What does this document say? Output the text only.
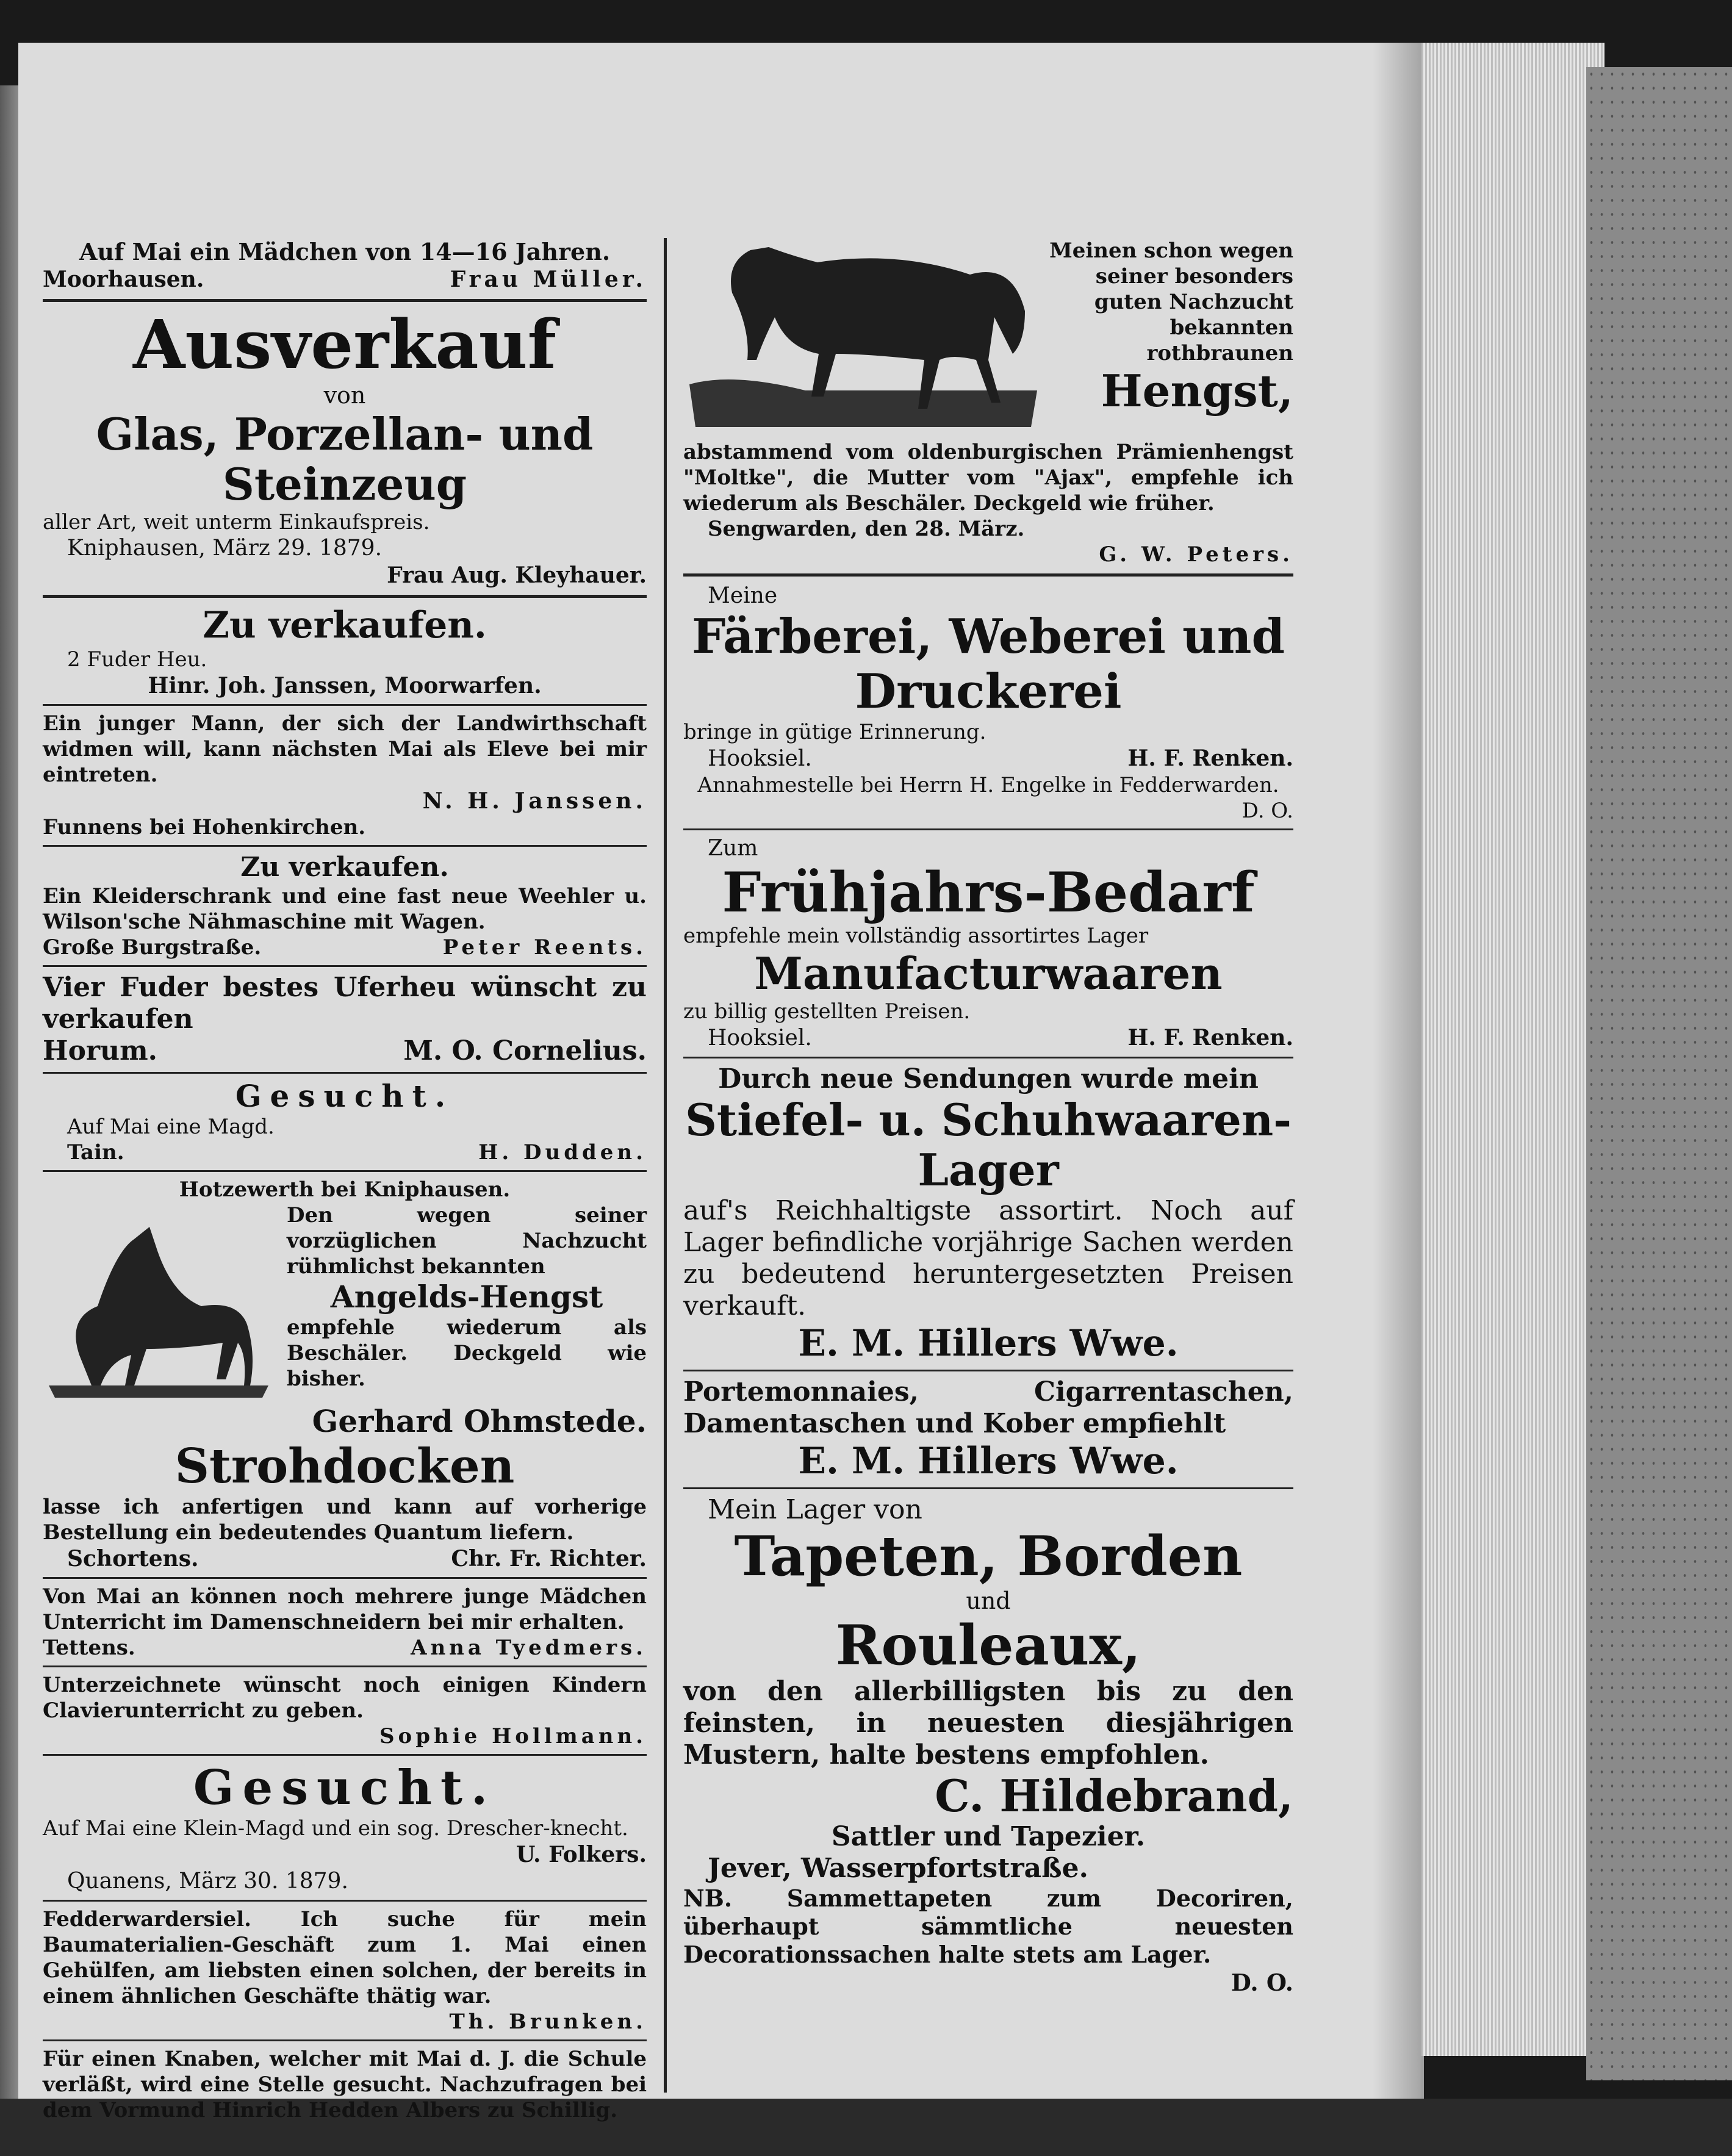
Auf Mai ein Mädchen von 14—16 Jahren.
Moorhausen.	Frau Müller.
Ausverkauf
von
Glas, Porzellan- und Steinzeug
aller Art, weit unterm Einkaufspreis.
Kniphausen, März 29. 1879.
Frau Aug. Kleyhauer.
Zu verkaufen.
2 Fuder Heu.
Hinr. Joh. Janssen, Moorwarfen.
Ein junger Mann, der sich der Landwirthschaft widmen will, kann nächsten Mai als Eleve bei mir eintreten.
N. H. Janssen.
Funnens bei Hohenkirchen.
Zu verkaufen.
Ein Kleiderschrank und eine fast neue Weehler u. Wilson'sche Nähmaschine mit Wagen.
Große Burgstraße.	Peter Reents.
Vier Fuder bestes Uferheu wünscht zu verkaufen
Horum.	M. O. Cornelius.
Gesucht.
Auf Mai eine Magd.
Tain.	H. Dudden.
Hotzewerth bei Kniphausen.
Den wegen seiner vorzüglichen Nachzucht rühmlichst bekannten
Angelds-Hengst
empfehle wiederum als Beschäler. Deckgeld wie bisher.
Gerhard Ohmstede.
Strohdocken
lasse ich anfertigen und kann auf vorherige Bestellung ein bedeutendes Quantum liefern.
Schortens.	Chr. Fr. Richter.
Von Mai an können noch mehrere junge Mädchen Unterricht im Damenschneidern bei mir erhalten.
Tettens.	Anna Tyedmers.
Unterzeichnete wünscht noch einigen Kindern Clavierunterricht zu geben.
Sophie Hollmann.
Gesucht.
Auf Mai eine Klein-Magd und ein sog. Drescher-knecht.
U. Folkers.
Quanens, März 30. 1879.
Fedderwardersiel. Ich suche für mein Baumaterialien-Geschäft zum 1. Mai einen Gehülfen, am liebsten einen solchen, der bereits in einem ähnlichen Geschäfte thätig war.
Th. Brunken.
Für einen Knaben, welcher mit Mai d. J. die Schule verläßt, wird eine Stelle gesucht. Nachzufragen bei dem Vormund Hinrich Hedden Albers zu Schillig.
Meinen schon wegen seiner besonders guten Nachzucht bekannten rothbraunen
Hengst,
abstammend vom oldenburgischen Prämienhengst "Moltke", die Mutter vom "Ajax", empfehle ich wiederum als Beschäler. Deckgeld wie früher.
Sengwarden, den 28. März.
G. W. Peters.
Meine
Färberei, Weberei und
Druckerei
bringe in gütige Erinnerung.
Hooksiel.	H. F. Renken.
Annahmestelle bei Herrn H. Engelke in Fedderwarden.
D. O.
Zum
Frühjahrs-Bedarf
empfehle mein vollständig assortirtes Lager
Manufacturwaaren
zu billig gestellten Preisen.
Hooksiel.	H. F. Renken.
Durch neue Sendungen wurde mein
Stiefel- u. Schuhwaaren-
Lager
auf's Reichhaltigste assortirt. Noch auf Lager befindliche vorjährige Sachen werden zu bedeutend heruntergesetzten Preisen verkauft.
E. M. Hillers Wwe.
Portemonnaies, Cigarrentaschen, Damentaschen und Kober empfiehlt
E. M. Hillers Wwe.
Mein Lager von
Tapeten, Borden
und
Rouleaux,
von den allerbilligsten bis zu den feinsten, in neuesten diesjährigen Mustern, halte bestens empfohlen.
C. Hildebrand,
Sattler und Tapezier.
Jever, Wasserpfortstraße.
NB. Sammettapeten zum Decoriren, überhaupt sämmtliche neuesten Decorationssachen halte stets am Lager.
D. O.
